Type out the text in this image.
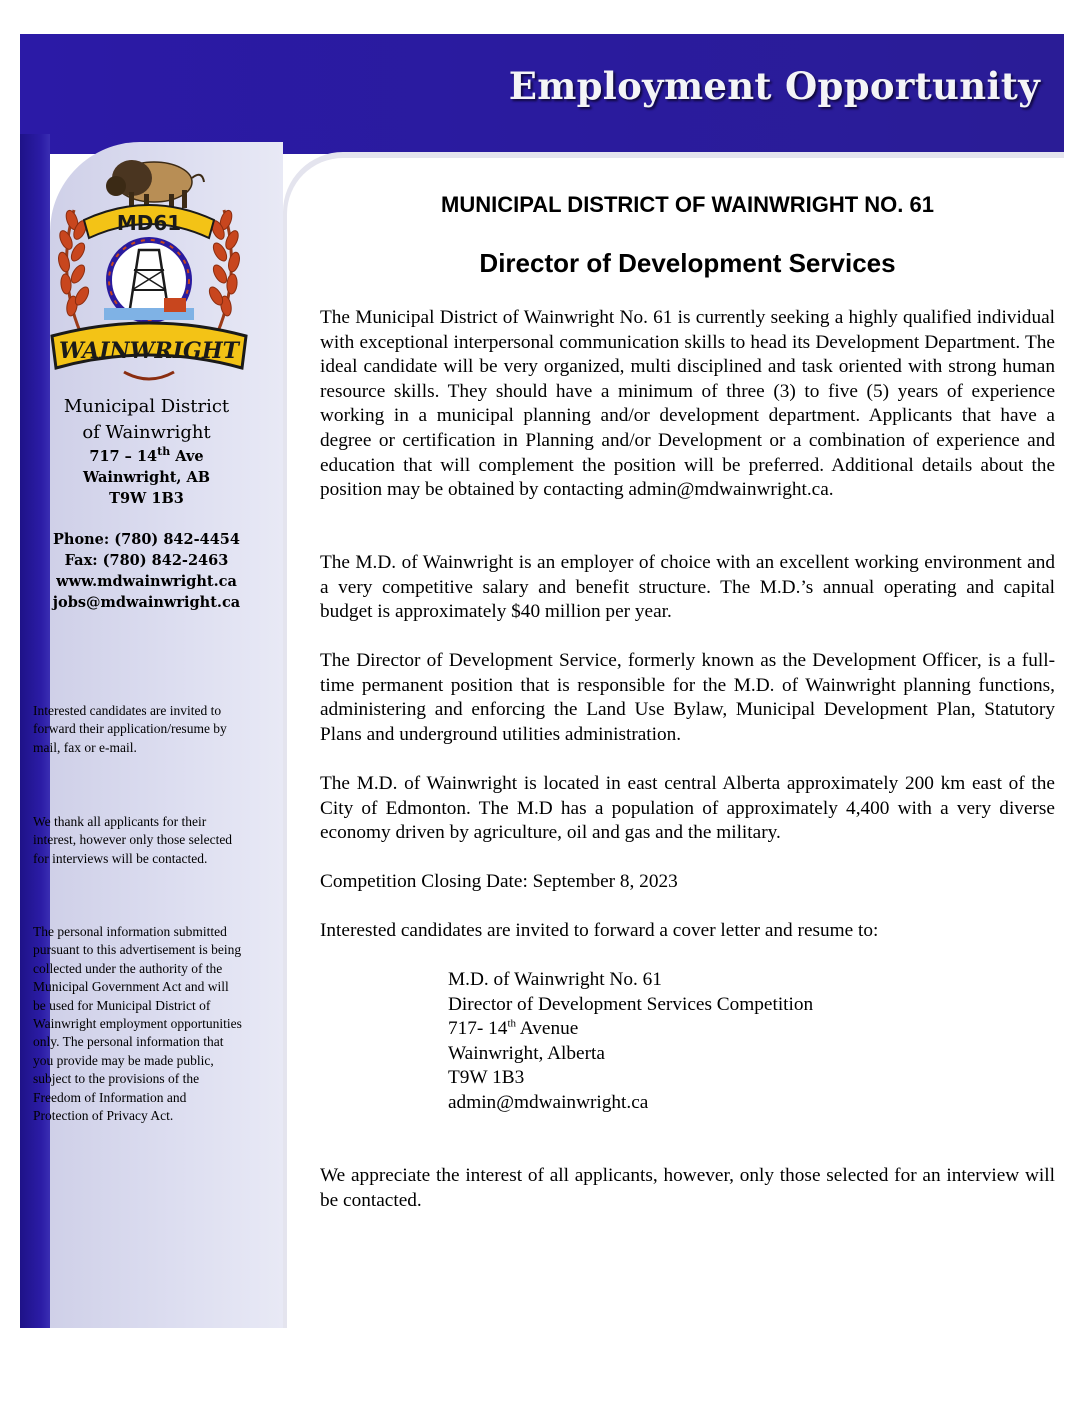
Employment Opportunity
MD61
WAINWRIGHT
Municipal District
of Wainwright
717 – 14th Ave
Wainwright, AB
T9W 1B3
Phone: (780) 842-4454
Fax: (780) 842-2463
www.mdwainwright.ca
jobs@mdwainwright.ca
Interested candidates are invited to forward their application/resume by mail, fax or e-mail.
We thank all applicants for their interest, however only those selected for interviews will be contacted.
The personal information submitted pursuant to this advertisement is being collected under the authority of the Municipal Government Act and will be used for Municipal District of Wainwright employment opportunities only. The personal information that you provide may be made public, subject to the provisions of the Freedom of Information and Protection of Privacy Act.
MUNICIPAL DISTRICT OF WAINWRIGHT NO. 61
Director of Development Services
The Municipal District of Wainwright No. 61 is currently seeking a highly qualified individual with exceptional interpersonal communication skills to head its Development Department. The ideal candidate will be very organized, multi disciplined and task oriented with strong human resource skills. They should have a minimum of three (3) to five (5) years of experience working in a municipal planning and/or development department. Applicants that have a degree or certification in Planning and/or Development or a combination of experience and education that will complement the position will be preferred. Additional details about the position may be obtained by contacting admin@mdwainwright.ca.
The M.D. of Wainwright is an employer of choice with an excellent working environment and a very competitive salary and benefit structure. The M.D.’s annual operating and capital budget is approximately $40 million per year.
The Director of Development Service, formerly known as the Development Officer, is a full-time permanent position that is responsible for the M.D. of Wainwright planning functions, administering and enforcing the Land Use Bylaw, Municipal Development Plan, Statutory Plans and underground utilities administration.
The M.D. of Wainwright is located in east central Alberta approximately 200 km east of the City of Edmonton. The M.D has a population of approximately 4,400 with a very diverse economy driven by agriculture, oil and gas and the military.
Competition Closing Date: September 8, 2023
Interested candidates are invited to forward a cover letter and resume to:
M.D. of Wainwright No. 61
Director of Development Services Competition
717- 14th Avenue
Wainwright, Alberta
T9W 1B3
admin@mdwainwright.ca
We appreciate the interest of all applicants, however, only those selected for an interview will be contacted.
